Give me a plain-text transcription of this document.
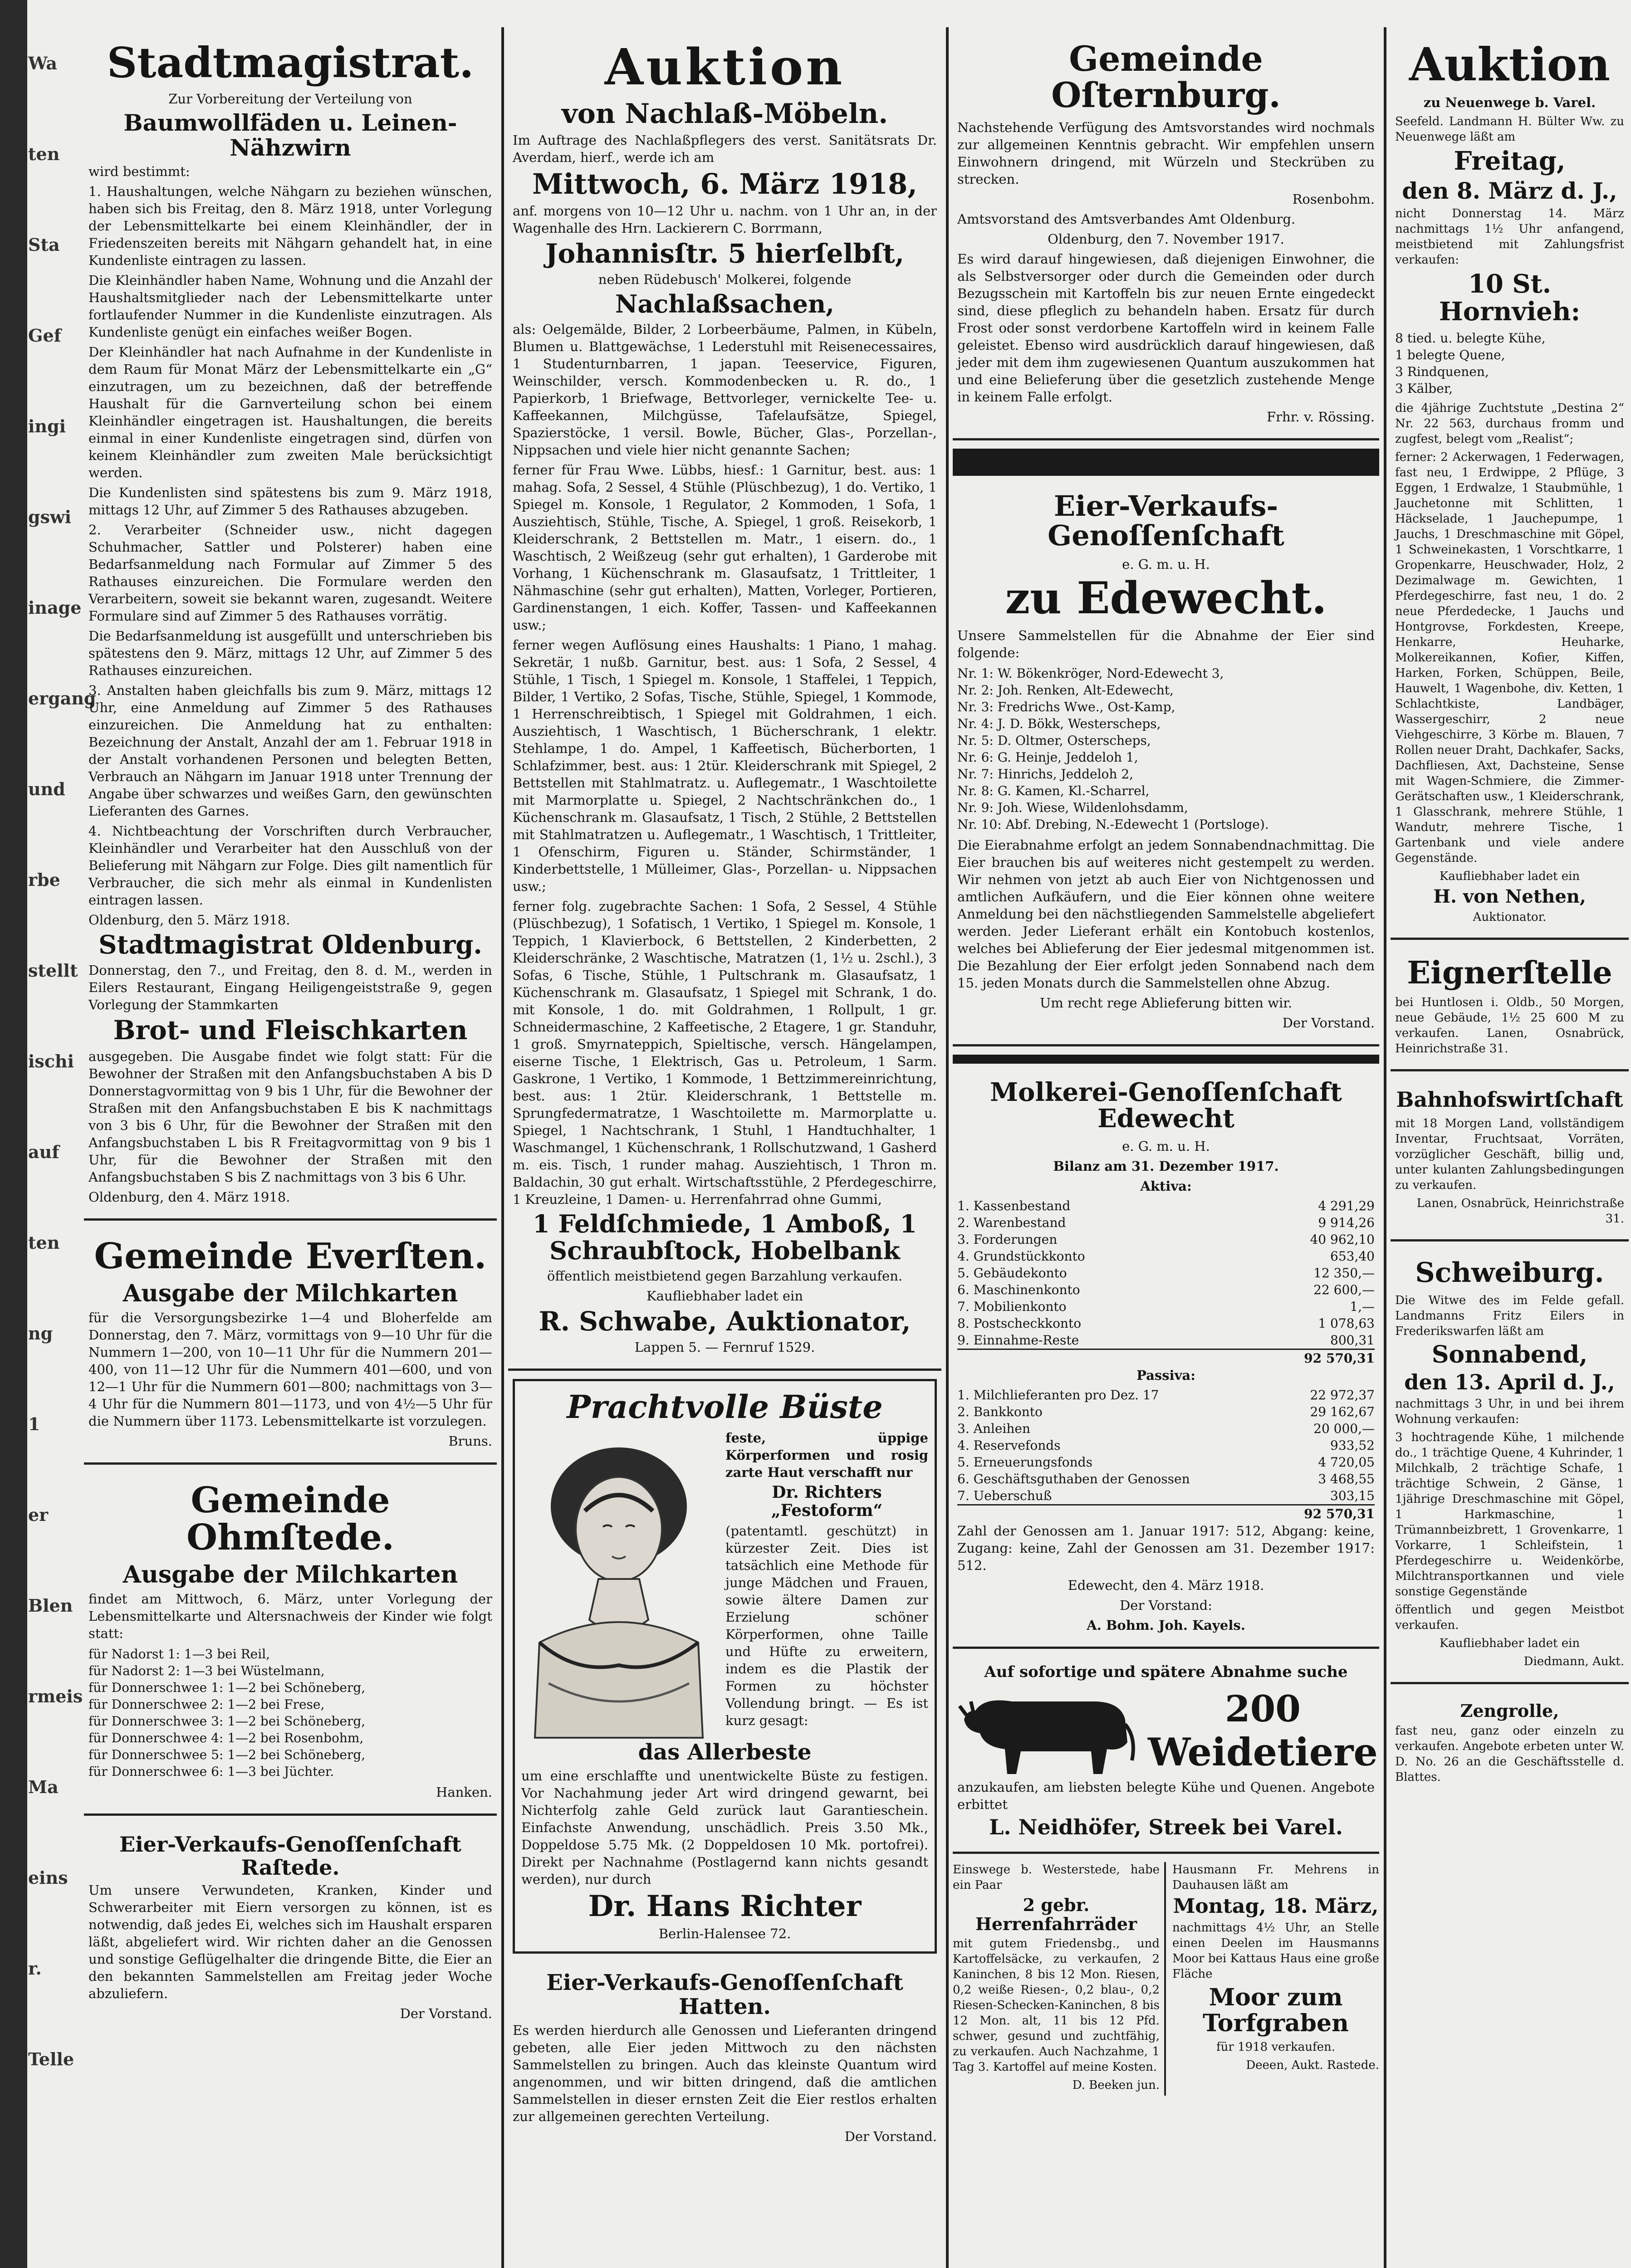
Wa
ten
Sta
Gef
ingi
gswi
inage
ergang
und
rbe
stellt
ischi
auf
ten
ng
1
er
Blen
rmeis
Ma
eins
r.
Telle
Stadtmagistrat.
Zur Vorbereitung der Verteilung von
Baumwollfäden u. Leinen-Nähzwirn
wird bestimmt:
1. Haushaltungen, welche Nähgarn zu beziehen wünschen, haben sich bis Freitag, den 8. März 1918, unter Vorlegung der Lebensmittelkarte bei einem Kleinhändler, der in Friedenszeiten bereits mit Nähgarn gehandelt hat, in eine Kundenliste eintragen zu lassen.
Die Kleinhändler haben Name, Wohnung und die Anzahl der Haushaltsmitglieder nach der Lebensmittelkarte unter fortlaufender Nummer in die Kundenliste einzutragen. Als Kundenliste genügt ein einfaches weißer Bogen.
Der Kleinhändler hat nach Aufnahme in der Kundenliste in dem Raum für Monat März der Lebensmittelkarte ein „G“ einzutragen, um zu bezeichnen, daß der betreffende Haushalt für die Garnverteilung schon bei einem Kleinhändler eingetragen ist. Haushaltungen, die bereits einmal in einer Kundenliste eingetragen sind, dürfen von keinem Kleinhändler zum zweiten Male berücksichtigt werden.
Die Kundenlisten sind spätestens bis zum 9. März 1918, mittags 12 Uhr, auf Zimmer 5 des Rathauses abzugeben.
2. Verarbeiter (Schneider usw., nicht dagegen Schuhmacher, Sattler und Polsterer) haben eine Bedarfsanmeldung nach Formular auf Zimmer 5 des Rathauses einzureichen. Die Formulare werden den Verarbeitern, soweit sie bekannt waren, zugesandt. Weitere Formulare sind auf Zimmer 5 des Rathauses vorrätig.
Die Bedarfsanmeldung ist ausgefüllt und unterschrieben bis spätestens den 9. März, mittags 12 Uhr, auf Zimmer 5 des Rathauses einzureichen.
3. Anstalten haben gleichfalls bis zum 9. März, mittags 12 Uhr, eine Anmeldung auf Zimmer 5 des Rathauses einzureichen. Die Anmeldung hat zu enthalten: Bezeichnung der Anstalt, Anzahl der am 1. Februar 1918 in der Anstalt vorhandenen Personen und belegten Betten, Verbrauch an Nähgarn im Januar 1918 unter Trennung der Angabe über schwarzes und weißes Garn, den gewünschten Lieferanten des Garnes.
4. Nichtbeachtung der Vorschriften durch Verbraucher, Kleinhändler und Verarbeiter hat den Ausschluß von der Belieferung mit Nähgarn zur Folge. Dies gilt namentlich für Verbraucher, die sich mehr als einmal in Kundenlisten eintragen lassen.
Oldenburg, den 5. März 1918.
Stadtmagistrat Oldenburg.
Donnerstag, den 7., und Freitag, den 8. d. M., werden in Eilers Restaurant, Eingang Heiligengeiststraße 9, gegen Vorlegung der Stammkarten
Brot- und Fleischkarten
ausgegeben. Die Ausgabe findet wie folgt statt: Für die Bewohner der Straßen mit den Anfangsbuchstaben A bis D Donnerstagvormittag von 9 bis 1 Uhr, für die Bewohner der Straßen mit den Anfangsbuchstaben E bis K nachmittags von 3 bis 6 Uhr, für die Bewohner der Straßen mit den Anfangsbuchstaben L bis R Freitagvormittag von 9 bis 1 Uhr, für die Bewohner der Straßen mit den Anfangsbuchstaben S bis Z nachmittags von 3 bis 6 Uhr.
Oldenburg, den 4. März 1918.
Gemeinde Everſten.
Ausgabe der Milchkarten
für die Versorgungsbezirke 1—4 und Bloherfelde am Donnerstag, den 7. März, vormittags von 9—10 Uhr für die Nummern 1—200, von 10—11 Uhr für die Nummern 201—400, von 11—12 Uhr für die Nummern 401—600, und von 12—1 Uhr für die Nummern 601—800; nachmittags von 3—4 Uhr für die Nummern 801—1173, und von 4½—5 Uhr für die Nummern über 1173. Lebensmittelkarte ist vorzulegen.
Bruns.
Gemeinde Ohmſtede.
Ausgabe der Milchkarten
findet am Mittwoch, 6. März, unter Vorlegung der Lebensmittelkarte und Altersnachweis der Kinder wie folgt statt:
für Nadorst 1: 1—3 bei Reil,
für Nadorst 2: 1—3 bei Wüstelmann,
für Donnerschwee 1: 1—2 bei Schöneberg,
für Donnerschwee 2: 1—2 bei Frese,
für Donnerschwee 3: 1—2 bei Schöneberg,
für Donnerschwee 4: 1—2 bei Rosenbohm,
für Donnerschwee 5: 1—2 bei Schöneberg,
für Donnerschwee 6: 1—3 bei Jüchter.
Hanken.
Eier-Verkaufs-Genoſſenſchaft Raſtede.
Um unsere Verwundeten, Kranken, Kinder und Schwerarbeiter mit Eiern versorgen zu können, ist es notwendig, daß jedes Ei, welches sich im Haushalt ersparen läßt, abgeliefert wird. Wir richten daher an die Genossen und sonstige Geflügelhalter die dringende Bitte, die Eier an den bekannten Sammelstellen am Freitag jeder Woche abzuliefern.
Der Vorstand.
Auktion
von Nachlaß-Möbeln.
Im Auftrage des Nachlaßpflegers des verst. Sanitätsrats Dr. Averdam, hierf., werde ich am
Mittwoch, 6. März 1918,
anf. morgens von 10—12 Uhr u. nachm. von 1 Uhr an, in der Wagenhalle des Hrn. Lackierern C. Borrmann,
Johannisſtr. 5 hierſelbſt,
neben Rüdebusch' Molkerei, folgende
Nachlaßsachen,
als: Oelgemälde, Bilder, 2 Lorbeerbäume, Palmen, in Kübeln, Blumen u. Blattgewächse, 1 Lederstuhl mit Reisenecessaires, 1 Studenturnbarren, 1 japan. Teeservice, Figuren, Weinschilder, versch. Kommodenbecken u. R. do., 1 Papierkorb, 1 Briefwage, Bettvorleger, vernickelte Tee- u. Kaffeekannen, Milchgüsse, Tafelaufsätze, Spiegel, Spazierstöcke, 1 versil. Bowle, Bücher, Glas-, Porzellan-, Nippsachen und viele hier nicht genannte Sachen;
ferner für Frau Wwe. Lübbs, hiesf.: 1 Garnitur, best. aus: 1 mahag. Sofa, 2 Sessel, 4 Stühle (Plüschbezug), 1 do. Vertiko, 1 Spiegel m. Konsole, 1 Regulator, 2 Kommoden, 1 Sofa, 1 Ausziehtisch, Stühle, Tische, A. Spiegel, 1 groß. Reisekorb, 1 Kleiderschrank, 2 Bettstellen m. Matr., 1 eisern. do., 1 Waschtisch, 2 Weißzeug (sehr gut erhalten), 1 Garderobe mit Vorhang, 1 Küchenschrank m. Glasaufsatz, 1 Trittleiter, 1 Nähmaschine (sehr gut erhalten), Matten, Vorleger, Portieren, Gardinenstangen, 1 eich. Koffer, Tassen- und Kaffeekannen usw.;
ferner wegen Auflösung eines Haushalts: 1 Piano, 1 mahag. Sekretär, 1 nußb. Garnitur, best. aus: 1 Sofa, 2 Sessel, 4 Stühle, 1 Tisch, 1 Spiegel m. Konsole, 1 Staffelei, 1 Teppich, Bilder, 1 Vertiko, 2 Sofas, Tische, Stühle, Spiegel, 1 Kommode, 1 Herrenschreibtisch, 1 Spiegel mit Goldrahmen, 1 eich. Ausziehtisch, 1 Waschtisch, 1 Bücherschrank, 1 elektr. Stehlampe, 1 do. Ampel, 1 Kaffeetisch, Bücherborten, 1 Schlafzimmer, best. aus: 1 2tür. Kleiderschrank mit Spiegel, 2 Bettstellen mit Stahlmatratz. u. Auflegematr., 1 Waschtoilette mit Marmorplatte u. Spiegel, 2 Nachtschränkchen do., 1 Küchenschrank m. Glasaufsatz, 1 Tisch, 2 Stühle, 2 Bettstellen mit Stahlmatratzen u. Auflegematr., 1 Waschtisch, 1 Trittleiter, 1 Ofenschirm, Figuren u. Ständer, Schirmständer, 1 Kinderbettstelle, 1 Mülleimer, Glas-, Porzellan- u. Nippsachen usw.;
ferner folg. zugebrachte Sachen: 1 Sofa, 2 Sessel, 4 Stühle (Plüschbezug), 1 Sofatisch, 1 Vertiko, 1 Spiegel m. Konsole, 1 Teppich, 1 Klavierbock, 6 Bettstellen, 2 Kinderbetten, 2 Kleiderschränke, 2 Waschtische, Matratzen (1, 1½ u. 2schl.), 3 Sofas, 6 Tische, Stühle, 1 Pultschrank m. Glasaufsatz, 1 Küchenschrank m. Glasaufsatz, 1 Spiegel mit Schrank, 1 do. mit Konsole, 1 do. mit Goldrahmen, 1 Rollpult, 1 gr. Schneidermaschine, 2 Kaffeetische, 2 Etagere, 1 gr. Standuhr, 1 groß. Smyrnateppich, Spieltische, versch. Hängelampen, eiserne Tische, 1 Elektrisch, Gas u. Petroleum, 1 Sarm. Gaskrone, 1 Vertiko, 1 Kommode, 1 Bettzimmereinrichtung, best. aus: 1 2tür. Kleiderschrank, 1 Bettstelle m. Sprungfedermatratze, 1 Waschtoilette m. Marmorplatte u. Spiegel, 1 Nachtschrank, 1 Stuhl, 1 Handtuchhalter, 1 Waschmangel, 1 Küchenschrank, 1 Rollschutzwand, 1 Gasherd m. eis. Tisch, 1 runder mahag. Ausziehtisch, 1 Thron m. Baldachin, 30 gut erhalt. Wirtschaftsstühle, 2 Pferdegeschirre, 1 Kreuzleine, 1 Damen- u. Herrenfahrrad ohne Gummi,
1 Feldſchmiede, 1 Amboß, 1 Schraubſtock, Hobelbank
öffentlich meistbietend gegen Barzahlung verkaufen.
Kaufliebhaber ladet ein
R. Schwabe, Auktionator,
Lappen 5. — Fernruf 1529.
Prachtvolle Büste
feste, üppige Körperformen und rosig zarte Haut verschafft nur
Dr. Richters „Festoform“
(patentamtl. geschützt) in kürzester Zeit. Dies ist tatsächlich eine Methode für junge Mädchen und Frauen, sowie ältere Damen zur Erzielung schöner Körperformen, ohne Taille und Hüfte zu erweitern, indem es die Plastik der Formen zu höchster Vollendung bringt. — Es ist kurz gesagt:
das Allerbeste
um eine erschlaffte und unentwickelte Büste zu festigen. Vor Nachahmung jeder Art wird dringend gewarnt, bei Nichterfolg zahle Geld zurück laut Garantieschein. Einfachste Anwendung, unschädlich. Preis 3.50 Mk., Doppeldose 5.75 Mk. (2 Doppeldosen 10 Mk. portofrei). Direkt per Nachnahme (Postlagernd kann nichts gesandt werden), nur durch
Dr. Hans Richter
Berlin-Halensee 72.
Eier-Verkaufs-Genoſſenſchaft Hatten.
Es werden hierdurch alle Genossen und Lieferanten dringend gebeten, alle Eier jeden Mittwoch zu den nächsten Sammelstellen zu bringen. Auch das kleinste Quantum wird angenommen, und wir bitten dringend, daß die amtlichen Sammelstellen in dieser ernsten Zeit die Eier restlos erhalten zur allgemeinen gerechten Verteilung.
Der Vorstand.
Gemeinde Oſternburg.
Nachstehende Verfügung des Amtsvorstandes wird nochmals zur allgemeinen Kenntnis gebracht. Wir empfehlen unsern Einwohnern dringend, mit Würzeln und Steckrüben zu strecken.
Rosenbohm.
Amtsvorstand des Amtsverbandes Amt Oldenburg.
Oldenburg, den 7. November 1917.
Es wird darauf hingewiesen, daß diejenigen Einwohner, die als Selbstversorger oder durch die Gemeinden oder durch Bezugsschein mit Kartoffeln bis zur neuen Ernte eingedeckt sind, diese pfleglich zu behandeln haben. Ersatz für durch Frost oder sonst verdorbene Kartoffeln wird in keinem Falle geleistet. Ebenso wird ausdrücklich darauf hingewiesen, daß jeder mit dem ihm zugewiesenen Quantum auszukommen hat und eine Belieferung über die gesetzlich zustehende Menge in keinem Falle erfolgt.
Frhr. v. Rössing.
Eier-Verkaufs-Genoſſenſchaft
e. G. m. u. H.
zu Edewecht.
Unsere Sammelstellen für die Abnahme der Eier sind folgende:
Nr. 1: W. Bökenkröger, Nord-Edewecht 3,
Nr. 2: Joh. Renken, Alt-Edewecht,
Nr. 3: Fredrichs Wwe., Ost-Kamp,
Nr. 4: J. D. Bökk, Westerscheps,
Nr. 5: D. Oltmer, Osterscheps,
Nr. 6: G. Heinje, Jeddeloh 1,
Nr. 7: Hinrichs, Jeddeloh 2,
Nr. 8: G. Kamen, Kl.-Scharrel,
Nr. 9: Joh. Wiese, Wildenlohsdamm,
Nr. 10: Abf. Drebing, N.-Edewecht 1 (Portsloge).
Die Eierabnahme erfolgt an jedem Sonnabendnachmittag. Die Eier brauchen bis auf weiteres nicht gestempelt zu werden. Wir nehmen von jetzt ab auch Eier von Nichtgenossen und amtlichen Aufkäufern, und die Eier können ohne weitere Anmeldung bei den nächstliegenden Sammelstelle abgeliefert werden. Jeder Lieferant erhält ein Kontobuch kostenlos, welches bei Ablieferung der Eier jedesmal mitgenommen ist. Die Bezahlung der Eier erfolgt jeden Sonnabend nach dem 15. jeden Monats durch die Sammelstellen ohne Abzug.
Um recht rege Ablieferung bitten wir.
Der Vorstand.
Molkerei-Genoſſenſchaft Edewecht
e. G. m. u. H.
Bilanz am 31. Dezember 1917.
Aktiva:
1. Kassenbestand	4 291,29
2. Warenbestand	9 914,26
3. Forderungen	40 962,10
4. Grundstückkonto	653,40
5. Gebäudekonto	12 350,—
6. Maschinenkonto	22 600,—
7. Mobilienkonto	1,—
8. Postscheckkonto	1 078,63
9. Einnahme-Reste	800,31
92 570,31
Passiva:
1. Milchlieferanten pro Dez. 17	22 972,37
2. Bankkonto	29 162,67
3. Anleihen	20 000,—
4. Reservefonds	933,52
5. Erneuerungsfonds	4 720,05
6. Geschäftsguthaben der Genossen	3 468,55
7. Ueberschuß	303,15
92 570,31
Zahl der Genossen am 1. Januar 1917: 512, Abgang: keine, Zugang: keine, Zahl der Genossen am 31. Dezember 1917: 512.
Edewecht, den 4. März 1918.
Der Vorstand:
A. Bohm. Joh. Kayels.
Auf sofortige und spätere Abnahme suche
200
Weidetiere
anzukaufen, am liebsten belegte Kühe und Quenen. Angebote erbittet
L. Neidhöfer, Streek bei Varel.
Einswege b. Westerstede, habe ein Paar
2 gebr. Herrenfahrräder
mit gutem Friedensbg., und Kartoffelsäcke, zu verkaufen, 2 Kaninchen, 8 bis 12 Mon. Riesen, 0,2 weiße Riesen-, 0,2 blau-, 0,2 Riesen-Schecken-Kaninchen, 8 bis 12 Mon. alt, 11 bis 12 Pfd. schwer, gesund und zuchtfähig, zu verkaufen. Auch Nachzahme, 1 Tag 3. Kartoffel auf meine Kosten.
D. Beeken jun.
Hausmann Fr. Mehrens in Dauhausen läßt am
Montag, 18. März,
nachmittags 4½ Uhr, an Stelle einen Deelen im Hausmanns Moor bei Kattaus Haus eine große Fläche
Moor zum Torfgraben
für 1918 verkaufen.
Deeen, Aukt. Rastede.
Auktion
zu Neuenwege b. Varel.
Seefeld. Landmann H. Bülter Ww. zu Neuenwege läßt am
Freitag,
den 8. März d. J.,
nicht Donnerstag 14. März nachmittags 1½ Uhr anfangend, meistbietend mit Zahlungsfrist verkaufen:
10 St. Hornvieh:
8 tied. u. belegte Kühe,
1 belegte Quene,
3 Rindquenen,
3 Kälber,
die 4jährige Zuchtstute „Destina 2“ Nr. 22 563, durchaus fromm und zugfest, belegt vom „Realist“;
ferner: 2 Ackerwagen, 1 Federwagen, fast neu, 1 Erdwippe, 2 Pflüge, 3 Eggen, 1 Erdwalze, 1 Staubmühle, 1 Jauchetonne mit Schlitten, 1 Häckselade, 1 Jauchepumpe, 1 Jauchs, 1 Dreschmaschine mit Göpel, 1 Schweinekasten, 1 Vorschtkarre, 1 Gropenkarre, Heuschwader, Holz, 2 Dezimalwage m. Gewichten, 1 Pferdegeschirre, fast neu, 1 do. 2 neue Pferdedecke, 1 Jauchs und Hontgrovse, Forkdesten, Kreepe, Henkarre, Heuharke, Molkereikannen, Kofier, Kiffen, Harken, Forken, Schüppen, Beile, Hauwelt, 1 Wagenbohe, div. Ketten, 1 Schlachtkiste, Landbäger, Wassergeschirr, 2 neue Viehgeschirre, 3 Körbe m. Blauen, 7 Rollen neuer Draht, Dachkafer, Sacks, Dachfliesen, Axt, Dachsteine, Sense mit Wagen-Schmiere, die Zimmer- Gerätschaften usw., 1 Kleiderschrank, 1 Glasschrank, mehrere Stühle, 1 Wandutr, mehrere Tische, 1 Gartenbank und viele andere Gegenstände.
Kaufliebhaber ladet ein
H. von Nethen,
Auktionator.
Eignerſtelle
bei Huntlosen i. Oldb., 50 Morgen, neue Gebäude, 1½ 25 600 M zu verkaufen. Lanen, Osnabrück, Heinrichstraße 31.
Bahnhofswirtſchaft
mit 18 Morgen Land, vollständigem Inventar, Fruchtsaat, Vorräten, vorzüglicher Geschäft, billig und, unter kulanten Zahlungsbedingungen zu verkaufen.
Lanen, Osnabrück, Heinrichstraße 31.
Schweiburg.
Die Witwe des im Felde gefall. Landmanns Fritz Eilers in Frederikswarfen läßt am
Sonnabend,
den 13. April d. J.,
nachmittags 3 Uhr, in und bei ihrem Wohnung verkaufen:
3 hochtragende Kühe, 1 milchende do., 1 trächtige Quene, 4 Kuhrinder, 1 Milchkalb, 2 trächtige Schafe, 1 trächtige Schwein, 2 Gänse, 1 1jährige Dreschmaschine mit Göpel, 1 Harkmaschine, 1 Trümannbeizbrett, 1 Grovenkarre, 1 Vorkarre, 1 Schleifstein, 1 Pferdegeschirre u. Weidenkörbe, Milchtransportkannen und viele sonstige Gegenstände
öffentlich und gegen Meistbot verkaufen.
Kaufliebhaber ladet ein
Diedmann, Aukt.
Zengrolle,
fast neu, ganz oder einzeln zu verkaufen. Angebote erbeten unter W. D. No. 26 an die Geschäftsstelle d. Blattes.
